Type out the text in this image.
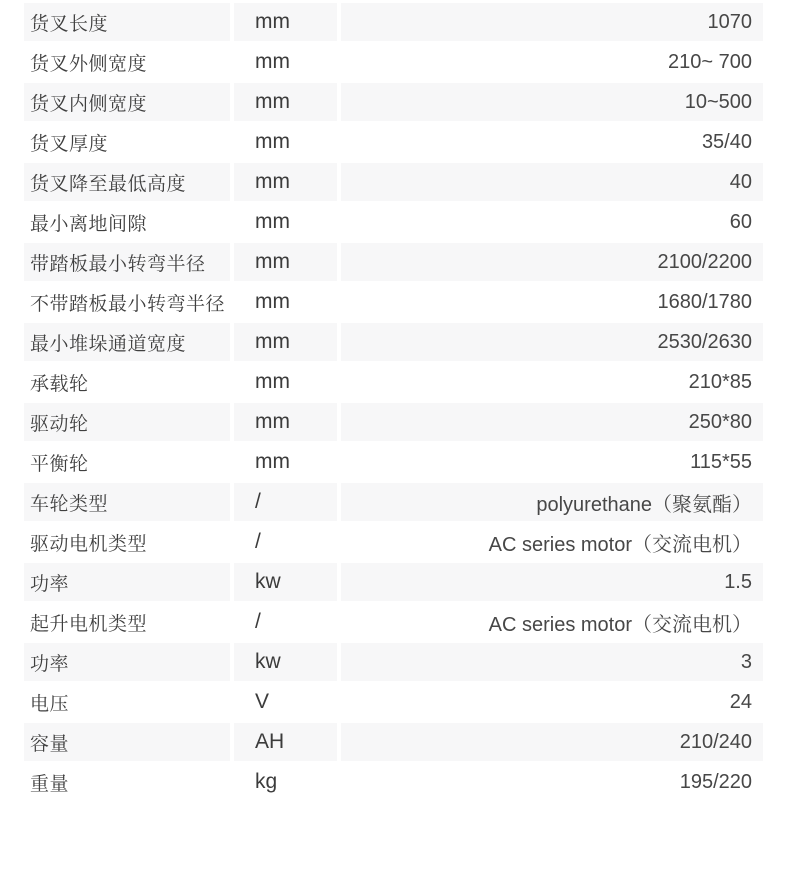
货叉长度	mm	1070
货叉外侧宽度	mm	210~ 700
货叉内侧宽度	mm	10~500
货叉厚度	mm	35/40
货叉降至最低高度	mm	40
最小离地间隙	mm	60
带踏板最小转弯半径	mm	2100/2200
不带踏板最小转弯半径	mm	1680/1780
最小堆垛通道宽度	mm	2530/2630
承载轮	mm	210*85
驱动轮	mm	250*80
平衡轮	mm	115*55
车轮类型	/	polyurethane（聚氨酯）
驱动电机类型	/	AC series motor（交流电机）
功率	kw	1.5
起升电机类型	/	AC series motor（交流电机）
功率	kw	3
电压	V	24
容量	AH	210/240
重量	kg	195/220
